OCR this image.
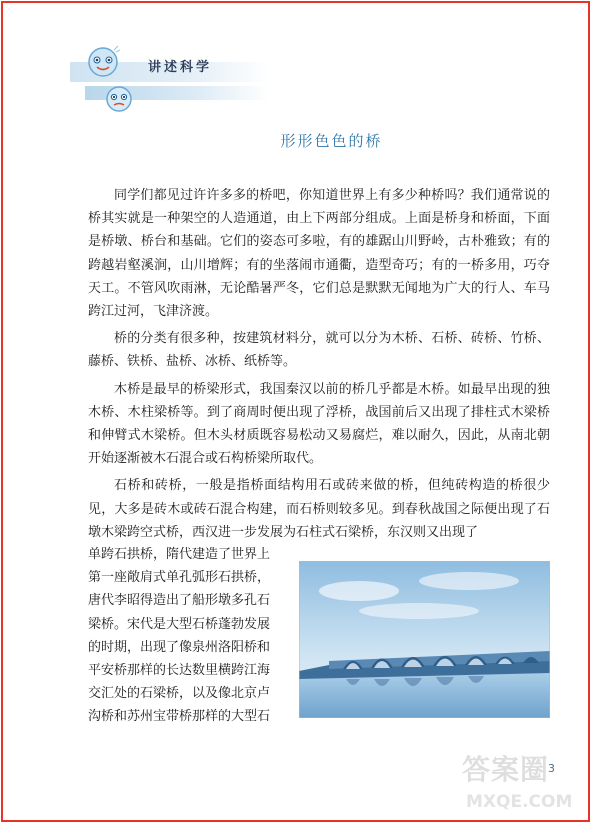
讲述科学
形形色色的桥

同学们都见过许许多多的桥吧，你知道世界上有多少种桥吗？我们通常说的桥其实就是一种架空的人造通道，由上下两部分组成。上面是桥身和桥面，下面是桥墩、桥台和基础。它们的姿态可多啦，有的雄踞山川野岭，古朴雅致；有的跨越岩壑溪涧，山川增辉；有的坐落闹市通衢，造型奇巧；有的一桥多用，巧夺天工。不管风吹雨淋，无论酷暑严冬，它们总是默默无闻地为广大的行人、车马跨江过河，飞津济渡。

桥的分类有很多种，按建筑材料分，就可以分为木桥、石桥、砖桥、竹桥、藤桥、铁桥、盐桥、冰桥、纸桥等。

木桥是最早的桥梁形式，我国秦汉以前的桥几乎都是木桥。如最早出现的独木桥、木柱梁桥等。到了商周时便出现了浮桥，战国前后又出现了排柱式木梁桥和伸臂式木梁桥。但木头材质既容易松动又易腐烂，难以耐久，因此，从南北朝开始逐渐被木石混合或石构桥梁所取代。

石桥和砖桥，一般是指桥面结构用石或砖来做的桥，但纯砖构造的桥很少见，大多是砖木或砖石混合构建，而石桥则较多见。到春秋战国之际便出现了石墩木梁跨空式桥，西汉进一步发展为石柱式石梁桥，东汉则又出现了

单跨石拱桥，隋代建造了世界上
第一座敞肩式单孔弧形石拱桥，
唐代李昭得造出了船形墩多孔石
梁桥。宋代是大型石桥蓬勃发展
的时期，出现了像泉州洛阳桥和
平安桥那样的长达数里横跨江海
交汇处的石梁桥，以及像北京卢
沟桥和苏州宝带桥那样的大型石
3
答案圈
MXQE.COM
